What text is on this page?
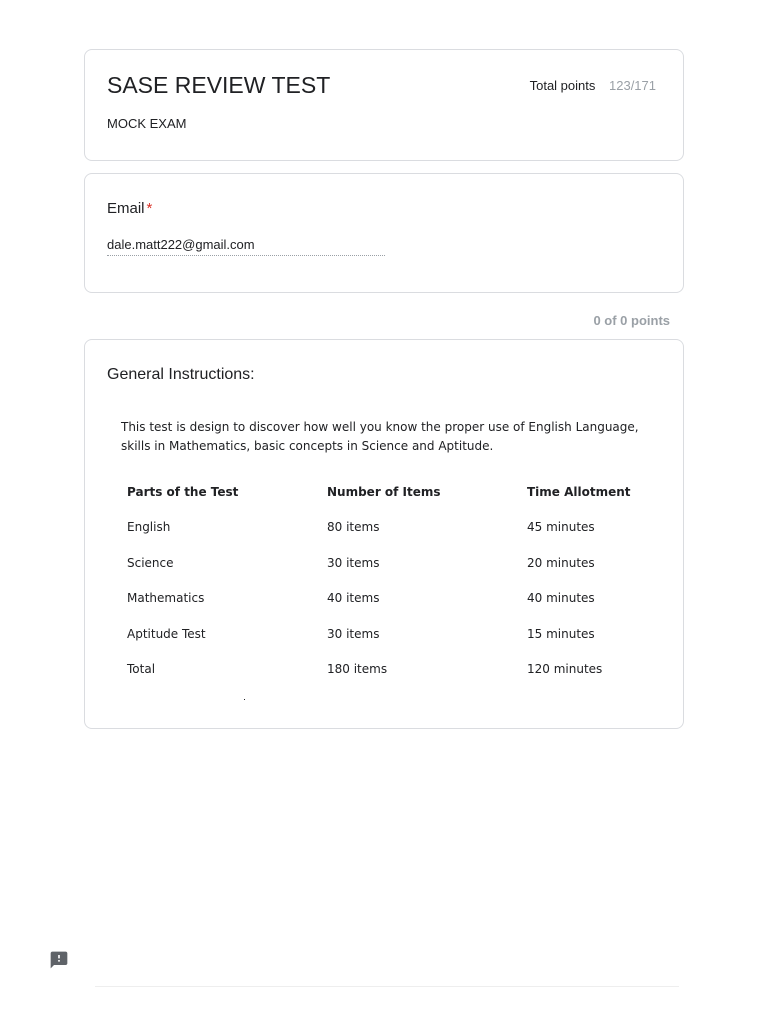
SASE REVIEW TEST
MOCK EXAM
Total points 123/171
Email *
dale.matt222@gmail.com
0 of 0 points
General Instructions:
This test is design to discover how well you know the proper use of English Language, skills in Mathematics, basic concepts in Science and Aptitude.
Parts of the Test	Number of Items	Time Allotment
English	80 items	45 minutes
Science	30 items	20 minutes
Mathematics	40 items	40 minutes
Aptitude Test	30 items	15 minutes
Total	180 items	120 minutes
